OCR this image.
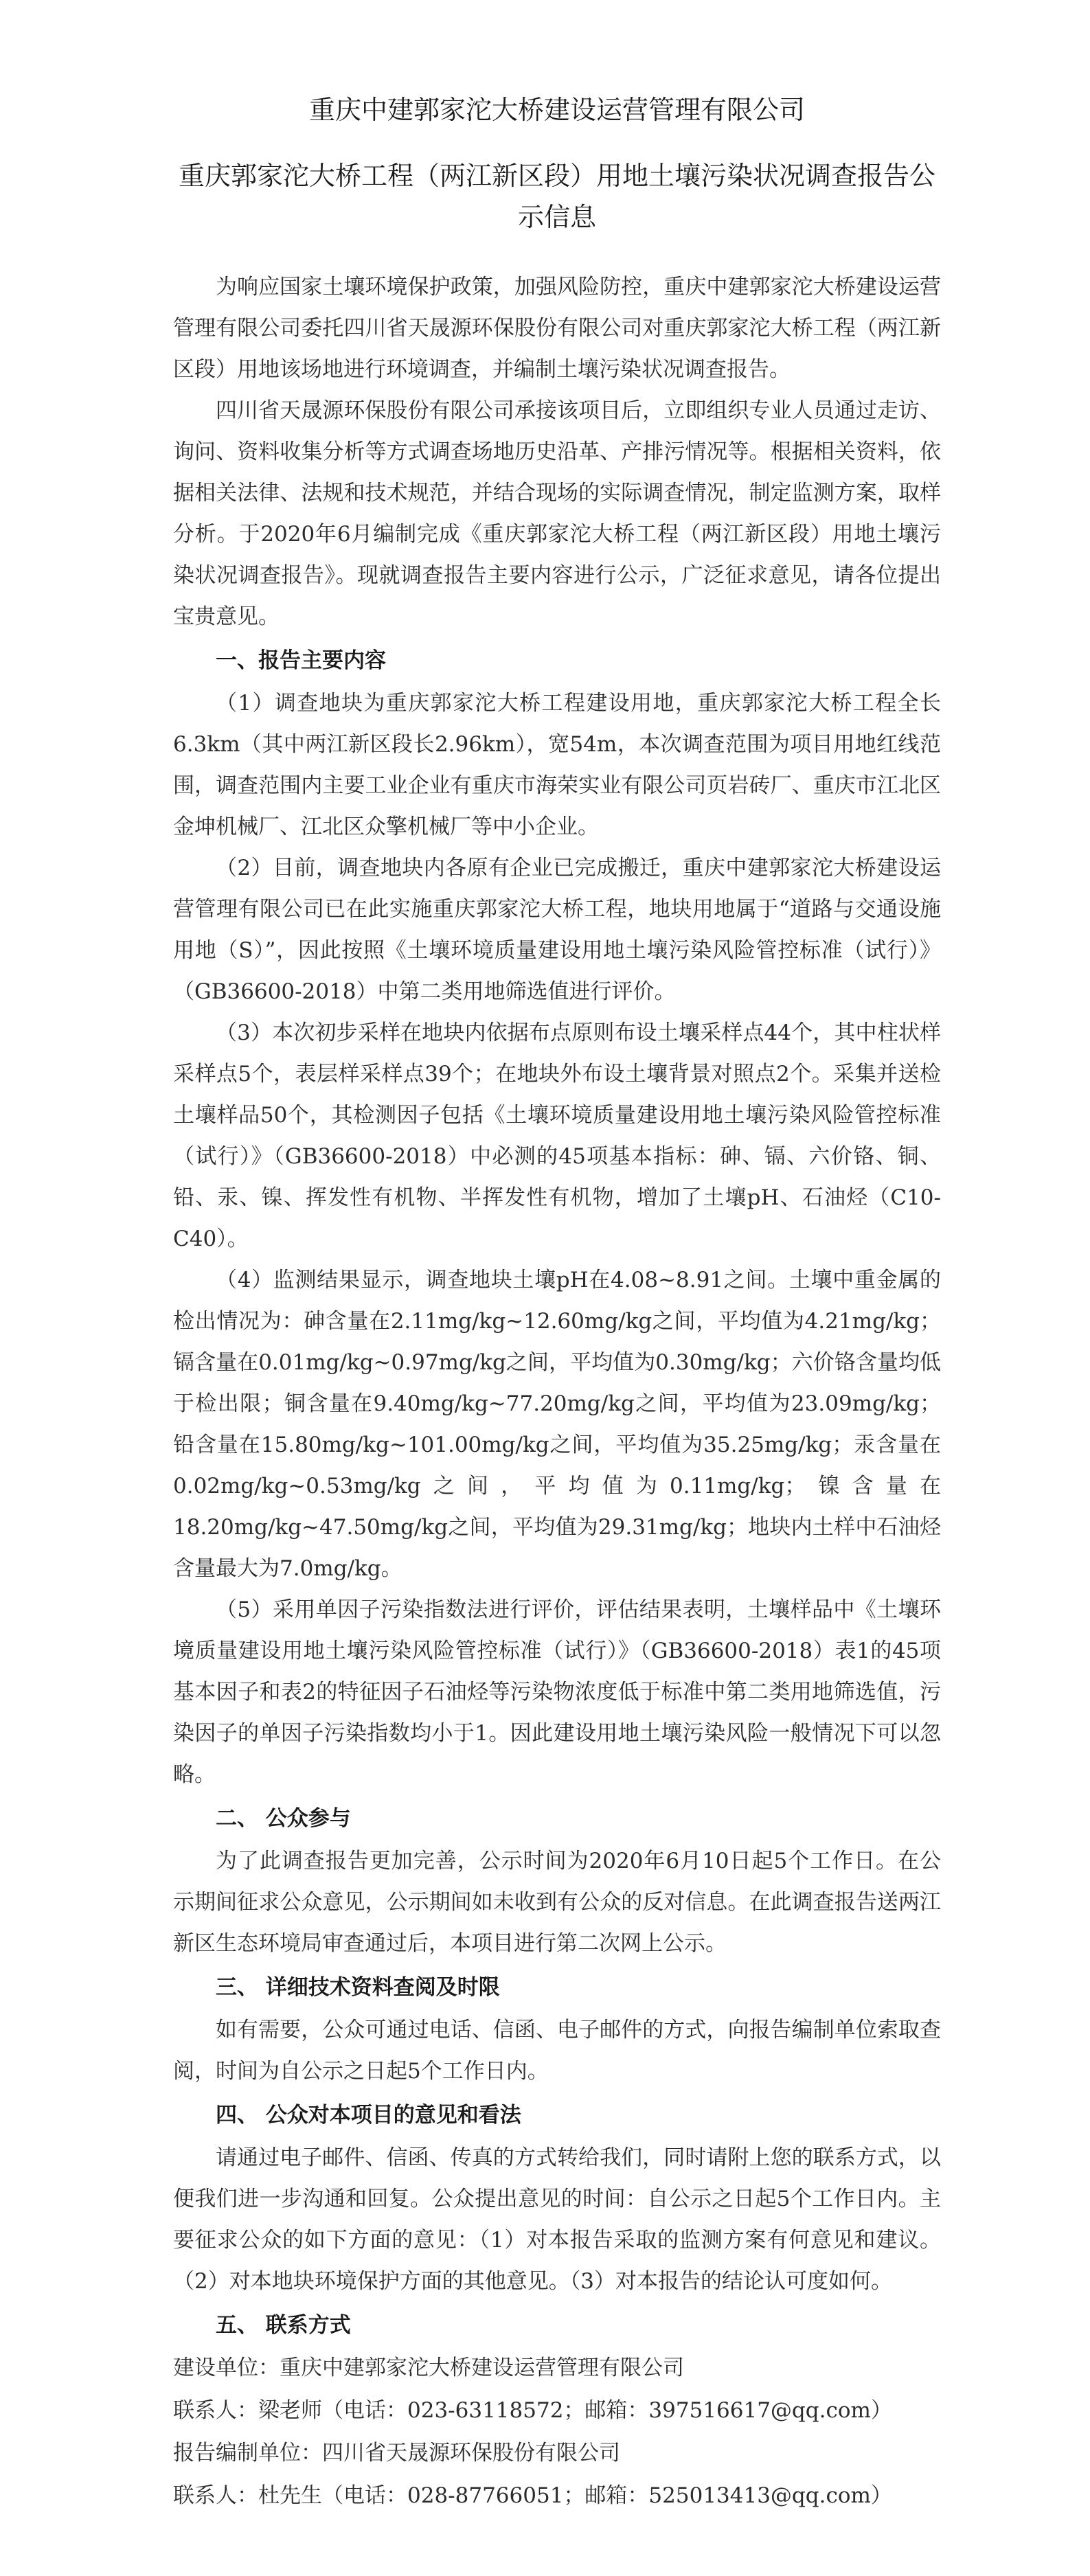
重庆中建郭家沱大桥建设运营管理有限公司
重庆郭家沱大桥工程（两江新区段）用地土壤污染状况调查报告公示信息

为响应国家土壤环境保护政策，加强风险防控，重庆中建郭家沱大桥建设运营管理有限公司委托四川省天晟源环保股份有限公司对重庆郭家沱大桥工程（两江新区段）用地该场地进行环境调查，并编制土壤污染状况调查报告。

四川省天晟源环保股份有限公司承接该项目后，立即组织专业人员通过走访、询问、资料收集分析等方式调查场地历史沿革、产排污情况等。根据相关资料，依据相关法律、法规和技术规范，并结合现场的实际调查情况，制定监测方案，取样分析。于2020年6月编制完成《重庆郭家沱大桥工程（两江新区段）用地土壤污染状况调查报告》。现就调查报告主要内容进行公示，广泛征求意见，请各位提出宝贵意见。

一、报告主要内容

（1）调查地块为重庆郭家沱大桥工程建设用地，重庆郭家沱大桥工程全长6.3km（其中两江新区段长2.96km），宽54m，本次调查范围为项目用地红线范围，调查范围内主要工业企业有重庆市海荣实业有限公司页岩砖厂、重庆市江北区金坤机械厂、江北区众擎机械厂等中小企业。

（2）目前，调查地块内各原有企业已完成搬迁，重庆中建郭家沱大桥建设运营管理有限公司已在此实施重庆郭家沱大桥工程，地块用地属于“道路与交通设施用地（S）”，因此按照《土壤环境质量建设用地土壤污染风险管控标准（试行）》（GB36600-2018）中第二类用地筛选值进行评价。

（3）本次初步采样在地块内依据布点原则布设土壤采样点44个，其中柱状样采样点5个，表层样采样点39个；在地块外布设土壤背景对照点2个。采集并送检土壤样品50个，其检测因子包括《土壤环境质量建设用地土壤污染风险管控标准（试行）》（GB36600-2018）中必测的45项基本指标：砷、镉、六价铬、铜、铅、汞、镍、挥发性有机物、半挥发性有机物，增加了土壤pH、石油烃（C10-C40）。

（4）监测结果显示，调查地块土壤pH在4.08~8.91之间。土壤中重金属的检出情况为：砷含量在2.11mg/kg~12.60mg/kg之间，平均值为4.21mg/kg；镉含量在0.01mg/kg~0.97mg/kg之间，平均值为0.30mg/kg；六价铬含量均低于检出限；铜含量在9.40mg/kg~77.20mg/kg之间，平均值为23.09mg/kg；铅含量在15.80mg/kg~101.00mg/kg之间，平均值为35.25mg/kg；汞含量在0.02mg/kg~0.53mg/kg之间，平均值为0.11mg/kg；镍含量在18.20mg/kg~47.50mg/kg之间，平均值为29.31mg/kg；地块内土样中石油烃含量最大为7.0mg/kg。

（5）采用单因子污染指数法进行评价，评估结果表明，土壤样品中《土壤环境质量建设用地土壤污染风险管控标准（试行）》（GB36600-2018）表1的45项基本因子和表2的特征因子石油烃等污染物浓度低于标准中第二类用地筛选值，污染因子的单因子污染指数均小于1。因此建设用地土壤污染风险一般情况下可以忽略。

二、 公众参与

为了此调查报告更加完善，公示时间为2020年6月10日起5个工作日。在公示期间征求公众意见，公示期间如未收到有公众的反对信息。在此调查报告送两江新区生态环境局审查通过后，本项目进行第二次网上公示。

三、 详细技术资料查阅及时限

如有需要，公众可通过电话、信函、电子邮件的方式，向报告编制单位索取查阅，时间为自公示之日起5个工作日内。

四、 公众对本项目的意见和看法

请通过电子邮件、信函、传真的方式转给我们，同时请附上您的联系方式，以便我们进一步沟通和回复。公众提出意见的时间：自公示之日起5个工作日内。主要征求公众的如下方面的意见：（1）对本报告采取的监测方案有何意见和建议。（2）对本地块环境保护方面的其他意见。（3）对本报告的结论认可度如何。

五、 联系方式
建设单位：重庆中建郭家沱大桥建设运营管理有限公司
联系人：梁老师（电话：023-63118572；邮箱：397516617@qq.com）
报告编制单位：四川省天晟源环保股份有限公司
联系人：杜先生（电话：028-87766051；邮箱：525013413@qq.com）
